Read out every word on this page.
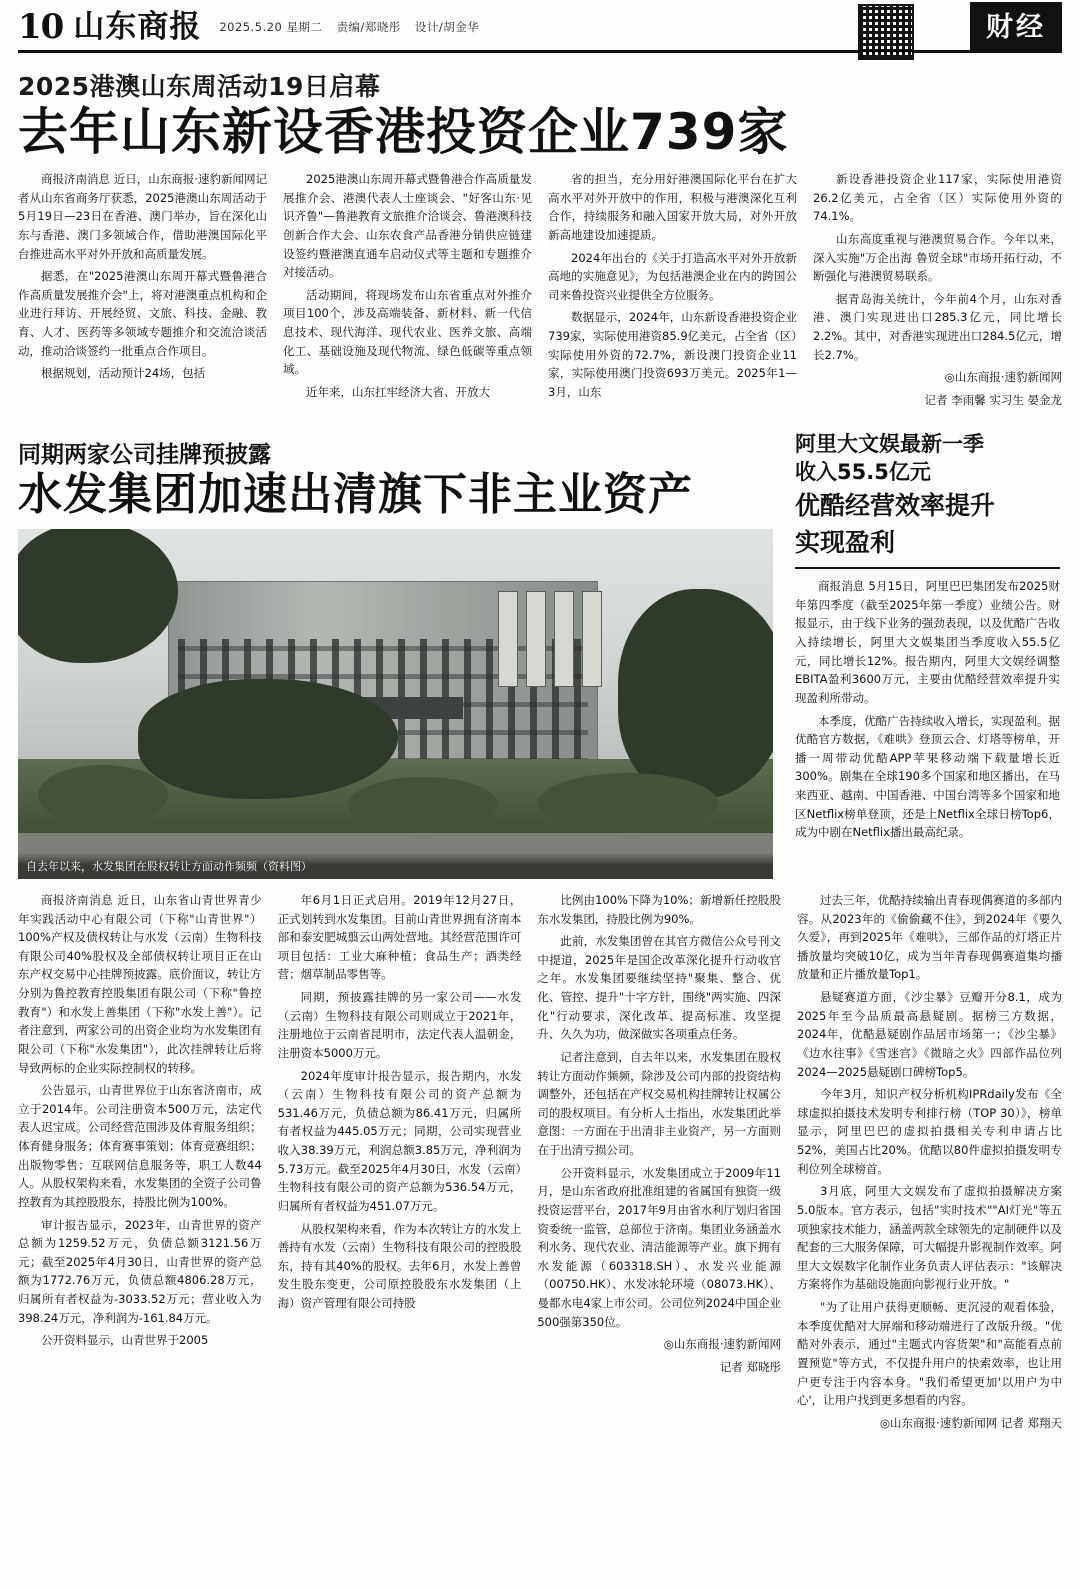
10 山东商报 2025.5.20 星期二 责编/郑晓彤 设计/胡金华	财经
2025港澳山东周活动19日启幕
去年山东新设香港投资企业739家

商报济南消息 近日，山东商报·速豹新闻网记者从山东省商务厅获悉，2025港澳山东周活动于5月19日—23日在香港、澳门举办，旨在深化山东与香港、澳门多领域合作，借助港澳国际化平台推进高水平对外开放和高质量发展。

据悉，在"2025港澳山东周开幕式暨鲁港合作高质量发展推介会"上，将对港澳重点机构和企业进行拜访、开展经贸、文旅、科技、金融、教育、人才、医药等多领域专题推介和交流洽谈活动，推动洽谈签约一批重点合作项目。

根据规划，活动预计24场，包括

2025港澳山东周开幕式暨鲁港合作高质量发展推介会、港澳代表人士座谈会、"好客山东·见识齐鲁"—鲁港教育文旅推介洽谈会、鲁港澳科技创新合作大会、山东农食产品香港分销供应链建设签约暨港澳直通车启动仪式等主题和专题推介对接活动。

活动期间，将现场发布山东省重点对外推介项目100个，涉及高端装备、新材料、新一代信息技术、现代海洋、现代农业、医养文旅、高端化工、基础设施及现代物流、绿色低碳等重点领域。

近年来，山东扛牢经济大省、开放大

省的担当，充分用好港澳国际化平台在扩大高水平对外开放中的作用，积极与港澳深化互利合作，持续服务和融入国家开放大局，对外开放新高地建设加速提质。

2024年出台的《关于打造高水平对外开放新高地的实施意见》，为包括港澳企业在内的跨国公司来鲁投资兴业提供全方位服务。

数据显示，2024年，山东新设香港投资企业739家，实际使用港资85.9亿美元，占全省（区）实际使用外资的72.7%，新设澳门投资企业11家，实际使用澳门投资693万美元。2025年1—3月，山东

新设香港投资企业117家，实际使用港资26.2亿美元，占全省（区）实际使用外资的74.1%。

山东高度重视与港澳贸易合作。今年以来，深入实施"万企出海 鲁贸全球"市场开拓行动，不断强化与港澳贸易联系。

据青岛海关统计，今年前4个月，山东对香港、澳门实现进出口285.3亿元，同比增长2.2%。其中，对香港实现进出口284.5亿元，增长2.7%。

◎山东商报·速豹新闻网

记者 李雨馨 实习生 晏金龙

同期两家公司挂牌预披露
水发集团加速出清旗下非主业资产
自去年以来，水发集团在股权转让方面动作频频（资料图）
阿里大文娱最新一季
收入55.5亿元
优酷经营效率提升
实现盈利

商报消息 5月15日，阿里巴巴集团发布2025财年第四季度（截至2025年第一季度）业绩公告。财报显示，由于线下业务的强劲表现，以及优酷广告收入持续增长，阿里大文娱集团当季度收入55.5亿元，同比增长12%。报告期内，阿里大文娱经调整EBITA盈利3600万元，主要由优酷经营效率提升实现盈利所带动。

本季度，优酷广告持续收入增长，实现盈利。据优酷官方数据，《难哄》登顶云合、灯塔等榜单，开播一周带动优酷APP苹果移动端下载量增长近300%。剧集在全球190多个国家和地区播出，在马来西亚、越南、中国香港、中国台湾等多个国家和地区Netflix榜单登顶，还是上Netflix全球日榜Top6，成为中剧在Netflix播出最高纪录。

商报济南消息 近日，山东省山青世界青少年实践活动中心有限公司（下称"山青世界"）100%产权及债权转让与水发（云南）生物科技有限公司40%股权及全部债权转让项目正在山东产权交易中心挂牌预披露。底价面议，转让方分别为鲁控教育控股集团有限公司（下称"鲁控教育"）和水发上善集团（下称"水发上善"）。记者注意到，两家公司的出资企业均为水发集团有限公司（下称"水发集团"），此次挂牌转让后将导致两标的企业实际控制权的转移。

公告显示，山青世界位于山东省济南市，成立于2014年。公司注册资本500万元，法定代表人迟宝成。公司经营范围涉及体育服务组织；体育健身服务；体育赛事策划；体育竞赛组织；出版物零售；互联网信息服务等，职工人数44人。从股权架构来看，水发集团的全资子公司鲁控教育为其控股股东，持股比例为100%。

审计报告显示，2023年，山青世界的资产总额为1259.52万元，负债总额3121.56万元；截至2025年4月30日，山青世界的资产总额为1772.76万元，负债总额4806.28万元，归属所有者权益为-3033.52万元；营业收入为398.24万元，净利润为-161.84万元。

公开资料显示，山青世界于2005

年6月1日正式启用。2019年12月27日，正式划转到水发集团。目前山青世界拥有济南本部和泰安肥城翦云山两处营地。其经营范围许可项目包括：工业大麻种植；食品生产；酒类经营；烟草制品零售等。

同期，预披露挂牌的另一家公司——水发（云南）生物科技有限公司则成立于2021年，注册地位于云南省昆明市，法定代表人温朝金，注册资本5000万元。

2024年度审计报告显示，报告期内，水发（云南）生物科技有限公司的资产总额为531.46万元，负债总额为86.41万元，归属所有者权益为445.05万元；同期，公司实现营业收入38.39万元，利润总额3.85万元，净利润为5.73万元。截至2025年4月30日，水发（云南）生物科技有限公司的资产总额为536.54万元，归属所有者权益为451.07万元。

从股权架构来看，作为本次转让方的水发上善持有水发（云南）生物科技有限公司的控股股东，持有其40%的股权。去年6月，水发上善曾发生股东变更，公司原控股股东水发集团（上海）资产管理有限公司持股

比例由100%下降为10%；新增新任控股股东水发集团，持股比例为90%。

此前，水发集团曾在其官方微信公众号刊文中提道，2025年是国企改革深化提升行动收官之年。水发集团要继续坚持"聚集、整合、优化、管控、提升"十字方针，围绕"两实施、四深化"行动要求，深化改革、提高标准、攻坚提升、久久为功，做深做实各项重点任务。

记者注意到，自去年以来，水发集团在股权转让方面动作频频，除涉及公司内部的投资结构调整外，还包括在产权交易机构挂牌转让权属公司的股权项目。有分析人士指出，水发集团此举意图：一方面在于出清非主业资产，另一方面则在于出清亏损公司。

公开资料显示，水发集团成立于2009年11月，是山东省政府批准组建的省属国有独资一级投资运营平台，2017年9月由省水利厅划归省国资委统一监管，总部位于济南。集团业务涵盖水利水务、现代农业、清洁能源等产业。旗下拥有水发能源（603318.SH）、水发兴业能源（00750.HK）、水发冰轮环境（08073.HK）、曼都水电4家上市公司。公司位列2024中国企业500强第350位。

◎山东商报·速豹新闻网

记者 郑晓彤

过去三年，优酷持续输出青春现偶赛道的多部内容。从2023年的《偷偷藏不住》，到2024年《要久久爱》，再到2025年《难哄》，三部作品的灯塔正片播放量均突破10亿，成为当年青春现偶赛道集均播放量和正片播放量Top1。

悬疑赛道方面，《沙尘暴》豆瓣开分8.1，成为2025年至今品质最高悬疑剧。据榜三方数据，2024年，优酷悬疑剧作品居市场第一；《沙尘暴》《边水往事》《雪迷宫》《微暗之火》四部作品位列2024—2025悬疑剧口碑榜Top5。

今年3月，知识产权分析机构IPRdaily发布《全球虚拟拍摄技术发明专利排行榜（TOP 30）》，榜单显示，阿里巴巴的虚拟拍摄相关专利申请占比52%，美国占比20%。优酷以80件虚拟拍摄发明专利位列全球榜首。

3月底，阿里大文娱发布了虚拟拍摄解决方案5.0版本。官方表示，包括"实时技术""AI灯光"等五项独家技术能力，涵盖两款全球领先的定制硬件以及配套的三大服务保障，可大幅提升影视制作效率。阿里大文娱数字化制作业务负责人评估表示："该解决方案将作为基础设施面向影视行业开放。"

"为了让用户获得更顺畅、更沉浸的观看体验，本季度优酷对大屏端和移动端进行了改版升级。"优酷对外表示，通过"主题式内容货架"和"高能看点前置预览"等方式，不仅提升用户的快索效率，也让用户更专注于内容本身。"我们希望更加'以用户为中心'，让用户找到更多想看的内容。

◎山东商报·速豹新闻网 记者 郑翔天
